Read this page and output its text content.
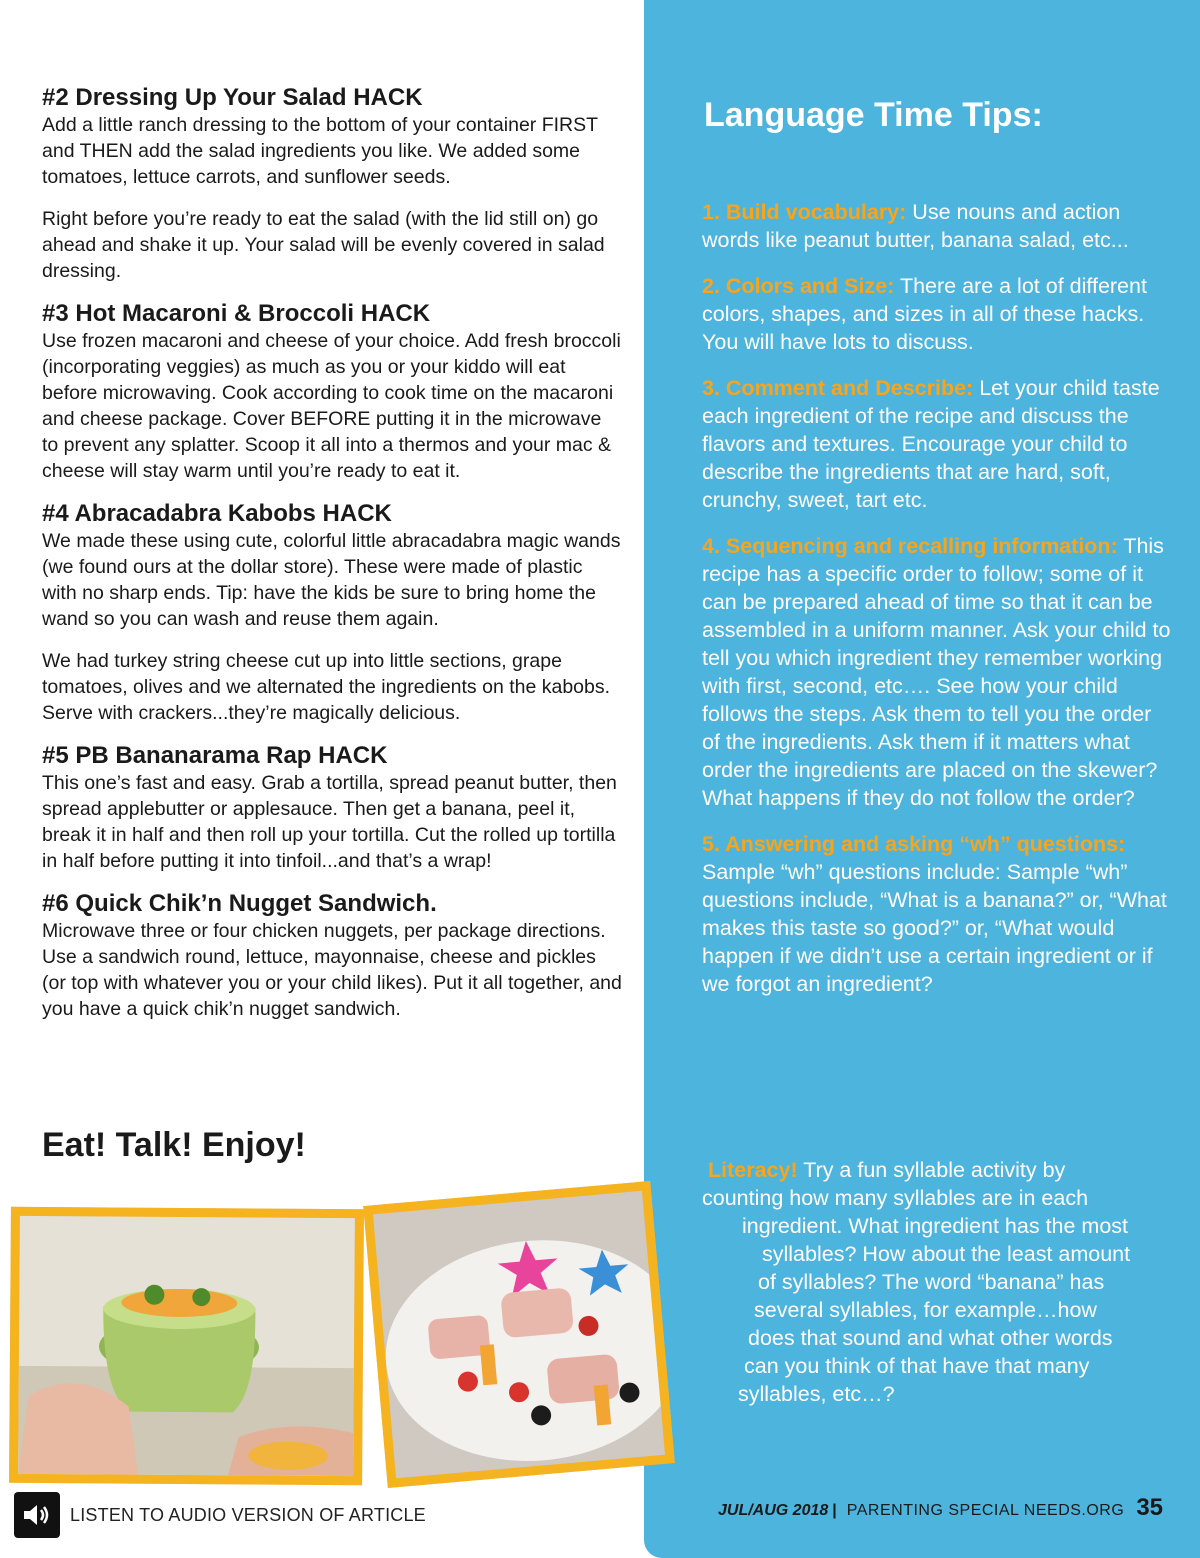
#2 Dressing Up Your Salad HACK

Add a little ranch dressing to the bottom of your container FIRST and THEN add the salad ingredients you like. We added some tomatoes, lettuce carrots, and sunflower seeds.

Right before you’re ready to eat the salad (with the lid still on) go ahead and shake it up. Your salad will be evenly covered in salad dressing.

#3 Hot Macaroni & Broccoli HACK

Use frozen macaroni and cheese of your choice. Add fresh broccoli (incorporating veggies) as much as you or your kiddo will eat before microwaving. Cook according to cook time on the macaroni and cheese package. Cover BEFORE putting it in the microwave to prevent any splatter. Scoop it all into a thermos and your mac & cheese will stay warm until you’re ready to eat it.

#4 Abracadabra Kabobs HACK

We made these using cute, colorful little abracadabra magic wands (we found ours at the dollar store). These were made of plastic with no sharp ends. Tip: have the kids be sure to bring home the wand so you can wash and reuse them again.

We had turkey string cheese cut up into little sections, grape tomatoes, olives and we alternated the ingredients on the kabobs. Serve with crackers...they’re magically delicious.

#5 PB Bananarama Rap HACK

This one’s fast and easy. Grab a tortilla, spread peanut butter, then spread applebutter or applesauce. Then get a banana, peel it, break it in half and then roll up your tortilla. Cut the rolled up tortilla in half before putting it into tinfoil...and that’s a wrap!

#6 Quick Chik’n Nugget Sandwich.

Microwave three or four chicken nuggets, per package directions. Use a sandwich round, lettuce, mayonnaise, cheese and pickles (or top with whatever you or your child likes). Put it all together, and you have a quick chik’n nugget sandwich.

Eat! Talk! Enjoy!
Language Time Tips:

1. Build vocabulary: Use nouns and action words like peanut butter, banana salad, etc...

2. Colors and Size: There are a lot of different colors, shapes, and sizes in all of these hacks. You will have lots to discuss.

3. Comment and Describe: Let your child taste each ingredient of the recipe and discuss the flavors and textures. Encourage your child to describe the ingredients that are hard, soft, crunchy, sweet, tart etc.

4. Sequencing and recalling information: This recipe has a specific order to follow; some of it can be prepared ahead of time so that it can be assembled in a uniform manner. Ask your child to tell you which ingredient they remember working with first, second, etc…. See how your child follows the steps. Ask them to tell you the order of the ingredients. Ask them if it matters what order the ingredients are placed on the skewer? What happens if they do not follow the order?

5. Answering and asking “wh” questions: Sample “wh” questions include: Sample “wh” questions include, “What is a banana?” or, “What makes this taste so good?” or, “What would happen if we didn’t use a certain ingredient or if we forgot an ingredient?

Literacy! Try a fun syllable activity by
counting how many syllables are in each
ingredient. What ingredient has the most
syllables? How about the least amount
of syllables? The word “banana” has
several syllables, for example…how
does that sound and what other words
can you think of that have that many
syllables, etc…?
LISTEN TO AUDIO VERSION OF ARTICLE	JUL/AUG 2018 | PARENTING SPECIAL NEEDS.ORG 35
